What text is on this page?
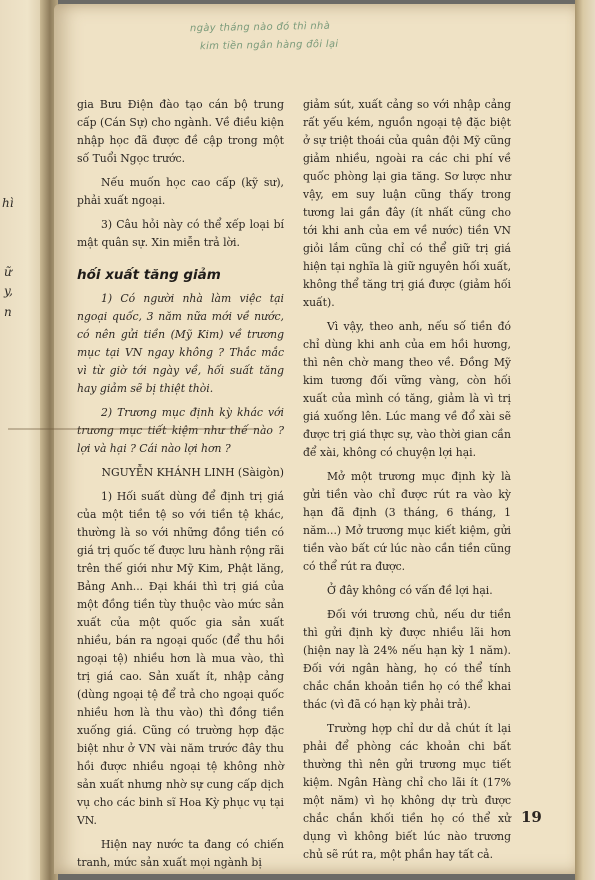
hì
ữ
y,
n
ngày tháng nào đó thì nhà
kim tiền ngân hàng đôi lại

gia Bưu Điện đào tạo cán bộ trung cấp (Cán Sự) cho ngành. Về điều kiện nhập học đã được đề cập trong một số Tuổi Ngọc trước.

Nếu muốn học cao cấp (kỹ sư), phải xuất ngoại.

3) Câu hỏi này có thể xếp loại bí mật quân sự. Xin miễn trả lời.

hối xuất tăng giảm

1) Có người nhà làm việc tại ngoại quốc, 3 năm nữa mới về nước, có nên gửi tiền (Mỹ Kim) về trương mục tại VN ngay không ? Thắc mắc vì từ giờ tới ngày về, hối suất tăng hay giảm sẽ bị thiệt thòi.

2) Trương mục định kỳ khác với trương mục tiết kiệm như thế nào ? lợi và hại ? Cái nào lợi hơn ?

NGUYỄN KHÁNH LINH (Sàigòn)

1) Hối suất dùng để định trị giá của một tiền tệ so với tiền tệ khác, thường là so với những đồng tiền có giá trị quốc tế được lưu hành rộng rãi trên thế giới như Mỹ Kim, Phật lăng, Bảng Anh... Đại khái thì trị giá của một đồng tiền tùy thuộc vào mức sản xuất của một quốc gia sản xuất nhiều, bán ra ngoại quốc (để thu hồi ngoại tệ) nhiều hơn là mua vào, thì trị giá cao. Sản xuất ít, nhập cảng (dùng ngoại tệ để trả cho ngoại quốc nhiều hơn là thu vào) thì đồng tiền xuống giá. Cũng có trường hợp đặc biệt như ở VN vài năm trước đây thu hồi được nhiều ngoại tệ không nhờ sản xuất nhưng nhờ sự cung cấp dịch vụ cho các binh sĩ Hoa Kỳ phục vụ tại VN.

Hiện nay nước ta đang có chiến tranh, mức sản xuất mọi ngành bị

giảm sút, xuất cảng so với nhập cảng rất yếu kém, nguồn ngoại tệ đặc biệt ở sự triệt thoái của quân đội Mỹ cũng giảm nhiều, ngoài ra các chi phí về quốc phòng lại gia tăng. Sơ lược như vậy, em suy luận cũng thấy trong tương lai gần đây (ít nhất cũng cho tới khi anh của em về nước) tiền VN giỏi lắm cũng chỉ có thể giữ trị giá hiện tại nghĩa là giữ nguyên hối xuất, không thể tăng trị giá được (giảm hối xuất).

Vì vậy, theo anh, nếu số tiền đó chỉ dùng khi anh của em hồi hương, thì nên chờ mang theo về. Đồng Mỹ kim tương đối vững vàng, còn hối xuất của mình có tăng, giảm là vì trị giá xuống lên. Lúc mang về đổ xài sẽ được trị giá thực sự, vào thời gian cần để xài, không có chuyện lợi hại.

Mở một trương mục định kỳ là gửi tiền vào chỉ được rút ra vào kỳ hạn đã định (3 tháng, 6 tháng, 1 năm...) Mở trương mục kiết kiệm, gửi tiền vào bất cứ lúc nào cần tiền cũng có thể rút ra được.

Ở đây không có vấn đề lợi hại.

Đối với trương chủ, nếu dư tiền thì gửi định kỳ được nhiều lãi hơn (hiện nay là 24% nếu hạn kỳ 1 năm). Đối với ngân hàng, họ có thể tính chắc chắn khoản tiền họ có thể khai thác (vì đã có hạn kỳ phải trả).

Trường hợp chỉ dư dả chút ít lại phải để phòng các khoản chi bất thường thì nên gửi trương mục tiết kiệm. Ngân Hàng chỉ cho lãi ít (17% một năm) vì họ không dự trù được chắc chắn khối tiền họ có thể xử dụng vì không biết lúc nào trương chủ sẽ rút ra, một phần hay tất cả.

19
